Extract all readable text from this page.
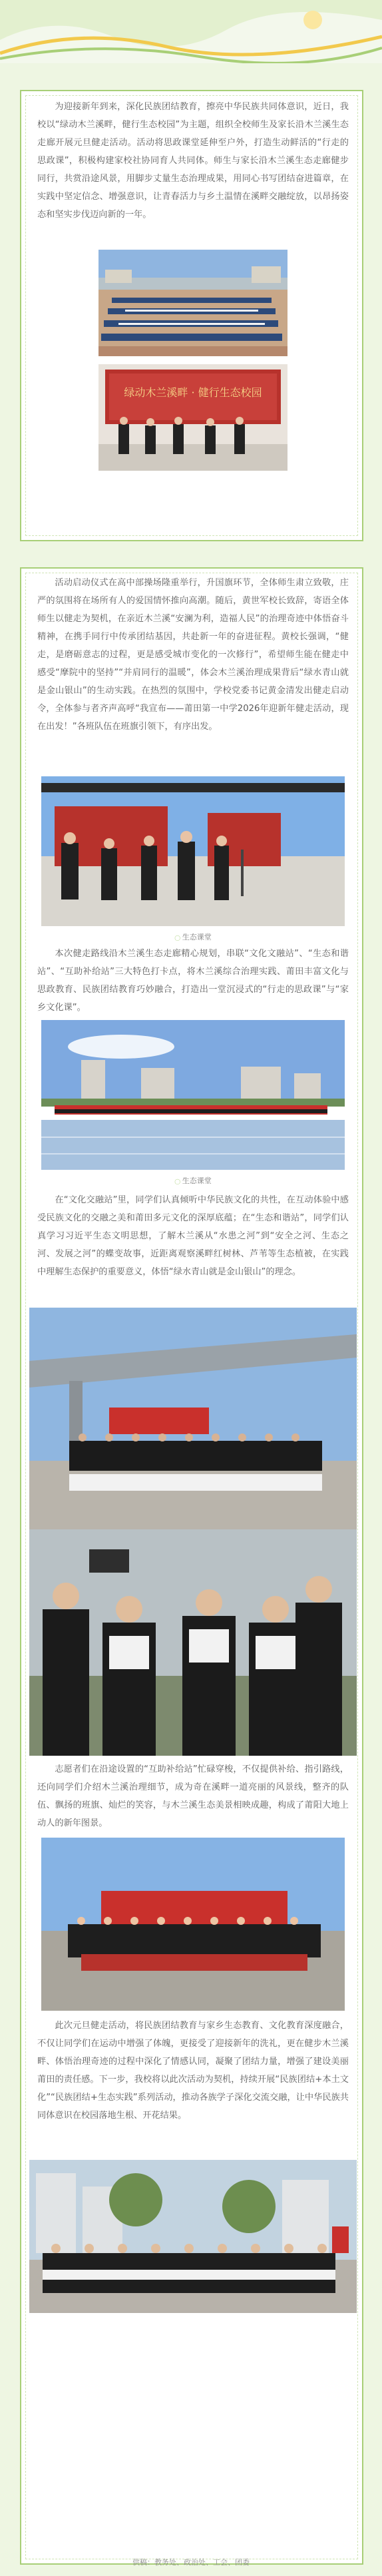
为迎接新年到来，深化民族团结教育，擦亮中华民族共同体意识，近日，我校以“绿动木兰溪畔，健行生态校园”为主题，组织全校师生及家长沿木兰溪生态走廊开展元旦健走活动。活动将思政课堂延伸至户外，打造生动鲜活的“行走的思政课”，积极构建家校社协同育人共同体。师生与家长沿木兰溪生态走廊健步同行，共赏沿途风景，用脚步丈量生态治理成果，用同心书写团结奋进篇章，在实践中坚定信念、增强意识，让青春活力与乡土温情在溪畔交融绽放，以昂扬姿态和坚实步伐迈向新的一年。

绿动木兰溪畔 · 健行生态校园

活动启动仪式在高中部操场隆重举行，升国旗环节，全体师生肃立致敬，庄严的氛围将在场所有人的爱国情怀推向高潮。随后，黄世军校长致辞，寄语全体师生以健走为契机，在亲近木兰溪“安澜为利，造福人民”的治理奇迹中体悟奋斗精神，在携手同行中传承团结基因，共赴新一年的奋进征程。黄校长强调，“健走，是磨砺意志的过程，更是感受城市变化的一次修行”，希望师生能在健走中感受“摩院中的坚持”“并肩同行的温暖”，体会木兰溪治理成果背后“绿水青山就是金山银山”的生动实践。在热烈的氛围中，学校党委书记黄金清发出健走启动令，全体参与者齐声高呼“我宣布——莆田第一中学2026年迎新年健走活动，现在出发！”各班队伍在班旗引领下，有序出发。

◯ 生态课堂

本次健走路线沿木兰溪生态走廊精心规划，串联“文化文融站”、“生态和谐站”、“互助补给站”三大特色打卡点，将木兰溪综合治理实践、莆田丰富文化与思政教育、民族团结教育巧妙融合，打造出一堂沉浸式的“行走的思政课”与“家乡文化课”。

◯ 生态课堂

在“文化交融站”里，同学们认真倾听中华民族文化的共性，在互动体验中感受民族文化的交融之美和莆田多元文化的深厚底蕴；在“生态和谐站”，同学们认真学习习近平生态文明思想，了解木兰溪从“水患之河”到“安全之河、生态之河、发展之河”的蝶变故事，近距离观察溪畔红树林、芦苇等生态植被，在实践中理解生态保护的重要意义，体悟“绿水青山就是金山银山”的理念。

志愿者们在沿途设置的“互助补给站”忙碌穿梭，不仅提供补给、指引路线，还向同学们介绍木兰溪治理细节，成为奇在溪畔一道亮丽的风景线，整齐的队伍、飘扬的班旗、灿烂的笑容，与木兰溪生态美景相映成趣，构成了莆阳大地上动人的新年图景。

此次元旦健走活动，将民族团结教育与家乡生态教育、文化教育深度融合，不仅让同学们在运动中增强了体魄，更接受了迎接新年的洗礼，更在健步木兰溪畔、体悟治理奇迹的过程中深化了情感认同，凝聚了团结力量，增强了建设美丽莆田的责任感。下一步，我校将以此次活动为契机，持续开展“民族团结+本土文化”“民族团结+生态实践”系列活动，推动各族学子深化交流交融，让中华民族共同体意识在校园落地生根、开花结果。

供稿：教务处、政治处、工会、团委
